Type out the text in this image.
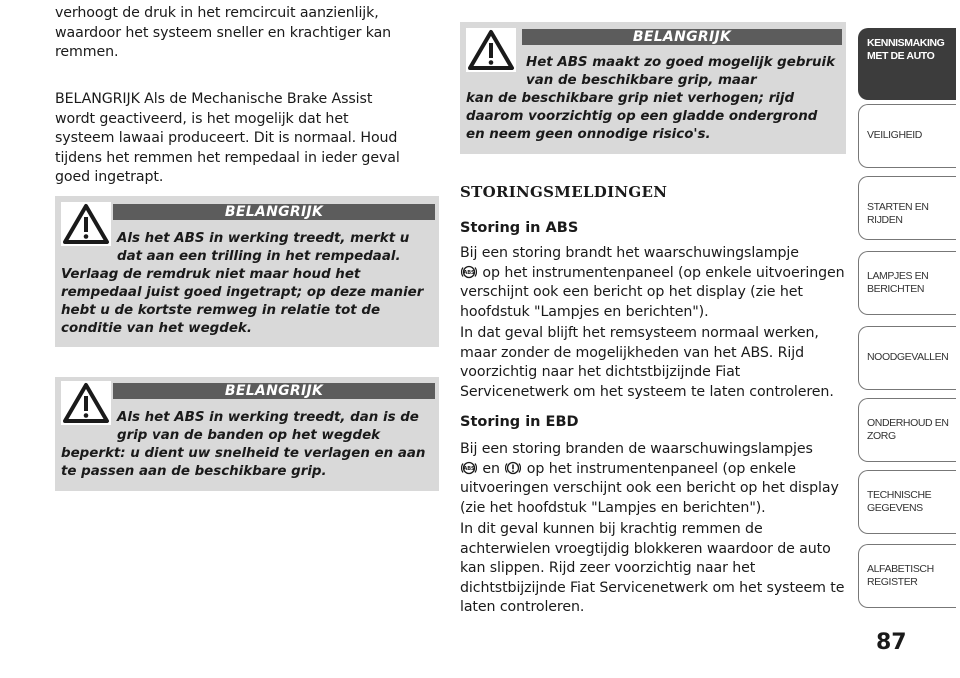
verhoogt de druk in het remcircuit aanzienlijk, waardoor het systeem sneller en krachtiger kan remmen.

BELANGRIJK Als de Mechanische Brake Assist wordt geactiveerd, is het mogelijk dat het systeem lawaai produceert. Dit is normaal. Houd tijdens het remmen het rempedaal in ieder geval goed ingetrapt.

BELANGRIJK
Als het ABS in werking treedt, merkt u dat aan een trilling in het rempedaal.
Verlaag de remdruk niet maar houd het rempedaal juist goed ingetrapt; op deze manier hebt u de kortste remweg in relatie tot de conditie van het wegdek.
BELANGRIJK
Als het ABS in werking treedt, dan is de grip van de banden op het wegdek
beperkt: u dient uw snelheid te verlagen en aan te passen aan de beschikbare grip.
BELANGRIJK
Het ABS maakt zo goed mogelijk gebruik van de beschikbare grip, maar
kan de beschikbare grip niet verhogen; rijd daarom voorzichtig op een gladde ondergrond en neem geen onnodige risico's.
STORINGSMELDINGEN
Storing in ABS

Bij een storing brandt het waarschuwingslampje

ABS op het instrumentenpaneel (op enkele uitvoeringen verschijnt ook een bericht op het display (zie het hoofdstuk "Lampjes en berichten").

In dat geval blijft het remsysteem normaal werken, maar zonder de mogelijkheden van het ABS. Rijd voorzichtig naar het dichtstbijzijnde Fiat Servicenetwerk om het systeem te laten controleren.

Storing in EBD

Bij een storing branden de waarschuwingslampjes

ABS en op het instrumentenpaneel (op enkele uitvoeringen verschijnt ook een bericht op het display (zie het hoofdstuk "Lampjes en berichten").

In dit geval kunnen bij krachtig remmen de achterwielen vroegtijdig blokkeren waardoor de auto kan slippen. Rijd zeer voorzichtig naar het dichtstbijzijnde Fiat Servicenetwerk om het systeem te laten controleren.

KENNISMAKING
MET DE AUTO
VEILIGHEID
STARTEN EN RIJDEN
LAMPJES EN
BERICHTEN
NOODGEVALLEN
ONDERHOUD EN
ZORG
TECHNISCHE
GEGEVENS
ALFABETISCH
REGISTER
87
